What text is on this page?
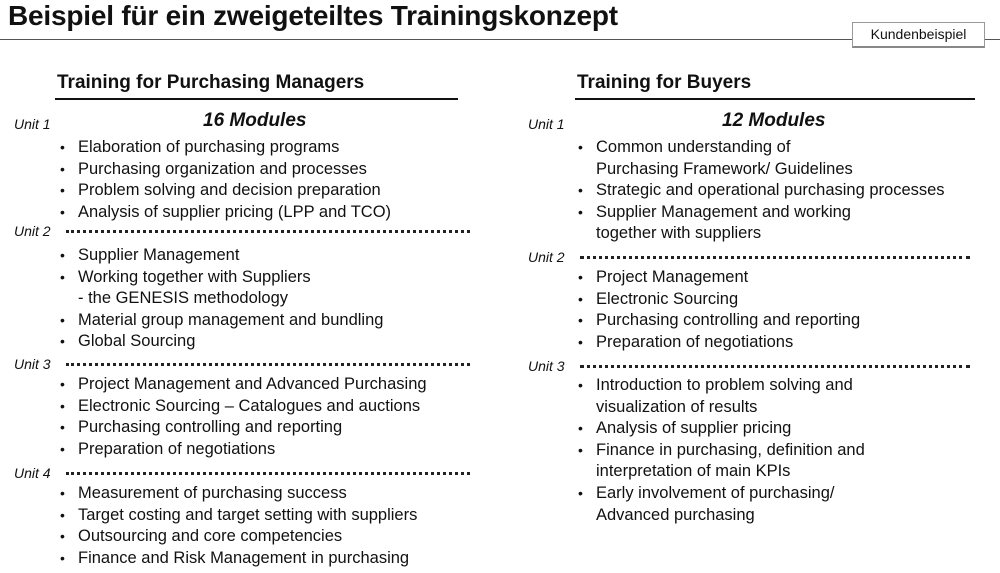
Beispiel für ein zweigeteiltes Trainingskonzept
Kundenbeispiel
Training for Purchasing Managers
16 Modules
Unit 1
• Elaboration of purchasing programs
• Purchasing organization and processes
• Problem solving and decision preparation
• Analysis of supplier pricing (LPP and TCO)
Unit 2
• Supplier Management
• Working together with Suppliers
- the GENESIS methodology
• Material group management and bundling
• Global Sourcing
Unit 3
• Project Management and Advanced Purchasing
• Electronic Sourcing – Catalogues and auctions
• Purchasing controlling and reporting
• Preparation of negotiations
Unit 4
• Measurement of purchasing success
• Target costing and target setting with suppliers
• Outsourcing and core competencies
• Finance and Risk Management in purchasing
Training for Buyers
12 Modules
Unit 1
• Common understanding of
Purchasing Framework/ Guidelines
• Strategic and operational purchasing processes
• Supplier Management and working
together with suppliers
Unit 2
• Project Management
• Electronic Sourcing
• Purchasing controlling and reporting
• Preparation of negotiations
Unit 3
• Introduction to problem solving and
visualization of results
• Analysis of supplier pricing
• Finance in purchasing, definition and
interpretation of main KPIs
• Early involvement of purchasing/
Advanced purchasing
